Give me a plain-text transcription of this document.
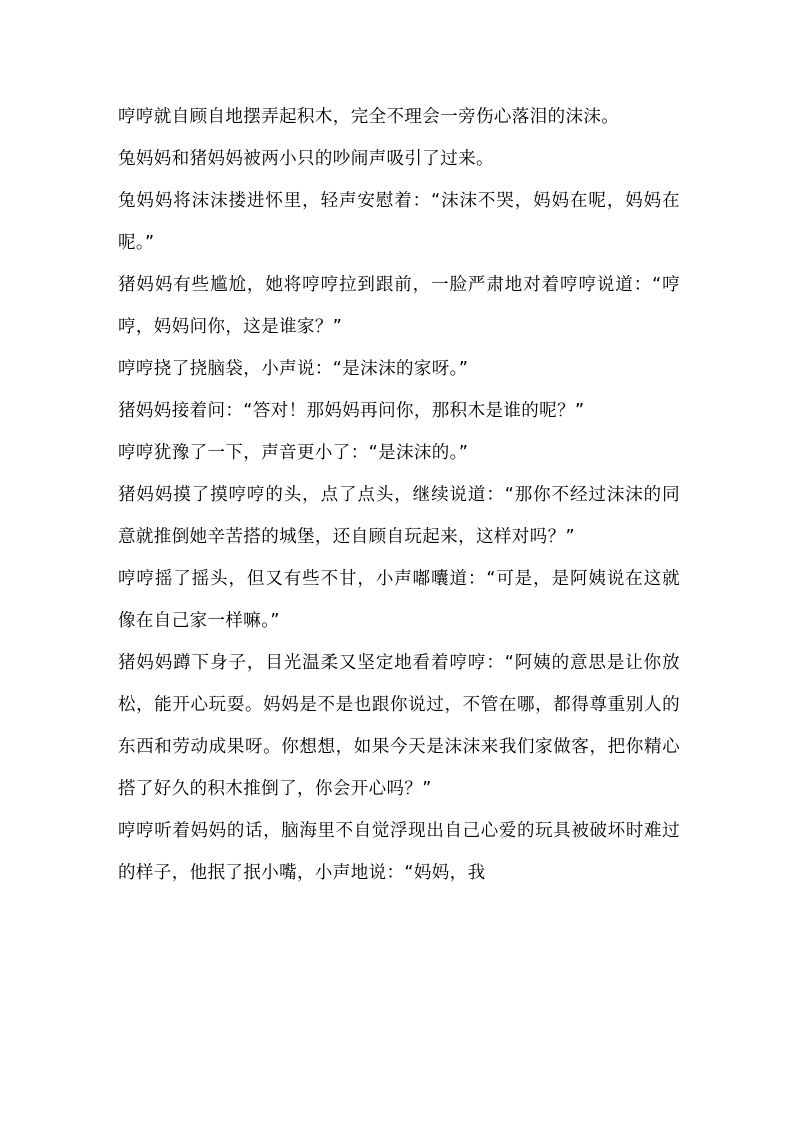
哼哼就自顾自地摆弄起积木，完全不理会一旁伤心落泪的沫沫。

兔妈妈和猪妈妈被两小只的吵闹声吸引了过来。

兔妈妈将沫沫搂进怀里，轻声安慰着：“沫沫不哭，妈妈在呢，妈妈在呢。”

猪妈妈有些尴尬，她将哼哼拉到跟前，一脸严肃地对着哼哼说道：“哼哼，妈妈问你，这是谁家？”

哼哼挠了挠脑袋，小声说：“是沫沫的家呀。”

猪妈妈接着问：“答对！那妈妈再问你，那积木是谁的呢？”

哼哼犹豫了一下，声音更小了：“是沫沫的。”

猪妈妈摸了摸哼哼的头，点了点头，继续说道：“那你不经过沫沫的同意就推倒她辛苦搭的城堡，还自顾自玩起来，这样对吗？”

哼哼摇了摇头，但又有些不甘，小声嘟囔道：“可是，是阿姨说在这就像在自己家一样嘛。”

猪妈妈蹲下身子，目光温柔又坚定地看着哼哼：“阿姨的意思是让你放松，能开心玩耍。妈妈是不是也跟你说过，不管在哪，都得尊重别人的东西和劳动成果呀。你想想，如果今天是沫沫来我们家做客，把你精心搭了好久的积木推倒了，你会开心吗？”

哼哼听着妈妈的话，脑海里不自觉浮现出自己心爱的玩具被破坏时难过的样子，他抿了抿小嘴，小声地说：“妈妈，我
